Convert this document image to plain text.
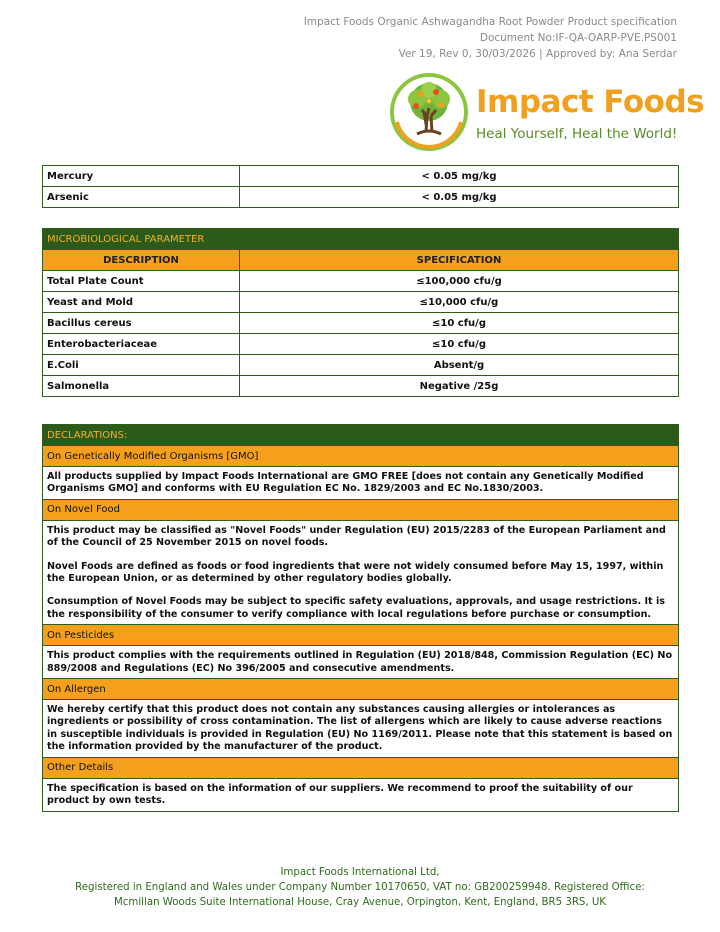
Impact Foods Organic Ashwagandha Root Powder Product specification
Document No:IF-QA-OARP-PVE.PS001
Ver 19, Rev 0, 30/03/2026 | Approved by: Ana Serdar
Impact Foods
Heal Yourself, Heal the World!
Mercury	< 0.05 mg/kg
Arsenic	< 0.05 mg/kg
MICROBIOLOGICAL PARAMETER	
DESCRIPTION	SPECIFICATION
Total Plate Count	≤100,000 cfu/g
Yeast and Mold	≤10,000 cfu/g
Bacillus cereus	≤10 cfu/g
Enterobacteriaceae	≤10 cfu/g
E.Coli	Absent/g
Salmonella	Negative /25g
DECLARATIONS:
On Genetically Modified Organisms [GMO]

All products supplied by Impact Foods International are GMO FREE [does not contain any Genetically Modified Organisms GMO] and conforms with EU Regulation EC No. 1829/2003 and EC No.1830/2003.

On Novel Food

This product may be classified as "Novel Foods" under Regulation (EU) 2015/2283 of the European Parliament and of the Council of 25 November 2015 on novel foods.

Novel Foods are defined as foods or food ingredients that were not widely consumed before May 15, 1997, within the European Union, or as determined by other regulatory bodies globally.

Consumption of Novel Foods may be subject to specific safety evaluations, approvals, and usage restrictions. It is the responsibility of the consumer to verify compliance with local regulations before purchase or consumption.

On Pesticides

This product complies with the requirements outlined in Regulation (EU) 2018/848, Commission Regulation (EC) No 889/2008 and Regulations (EC) No 396/2005 and consecutive amendments.

On Allergen

We hereby certify that this product does not contain any substances causing allergies or intolerances as ingredients or possibility of cross contamination. The list of allergens which are likely to cause adverse reactions in susceptible individuals is provided in Regulation (EU) No 1169/2011. Please note that this statement is based on the information provided by the manufacturer of the product.

Other Details

The specification is based on the information of our suppliers. We recommend to proof the suitability of our product by own tests.

Impact Foods International Ltd,
Registered in England and Wales under Company Number 10170650, VAT no: GB200259948. Registered Office:
Mcmillan Woods Suite International House, Cray Avenue, Orpington, Kent, England, BR5 3RS, UK
